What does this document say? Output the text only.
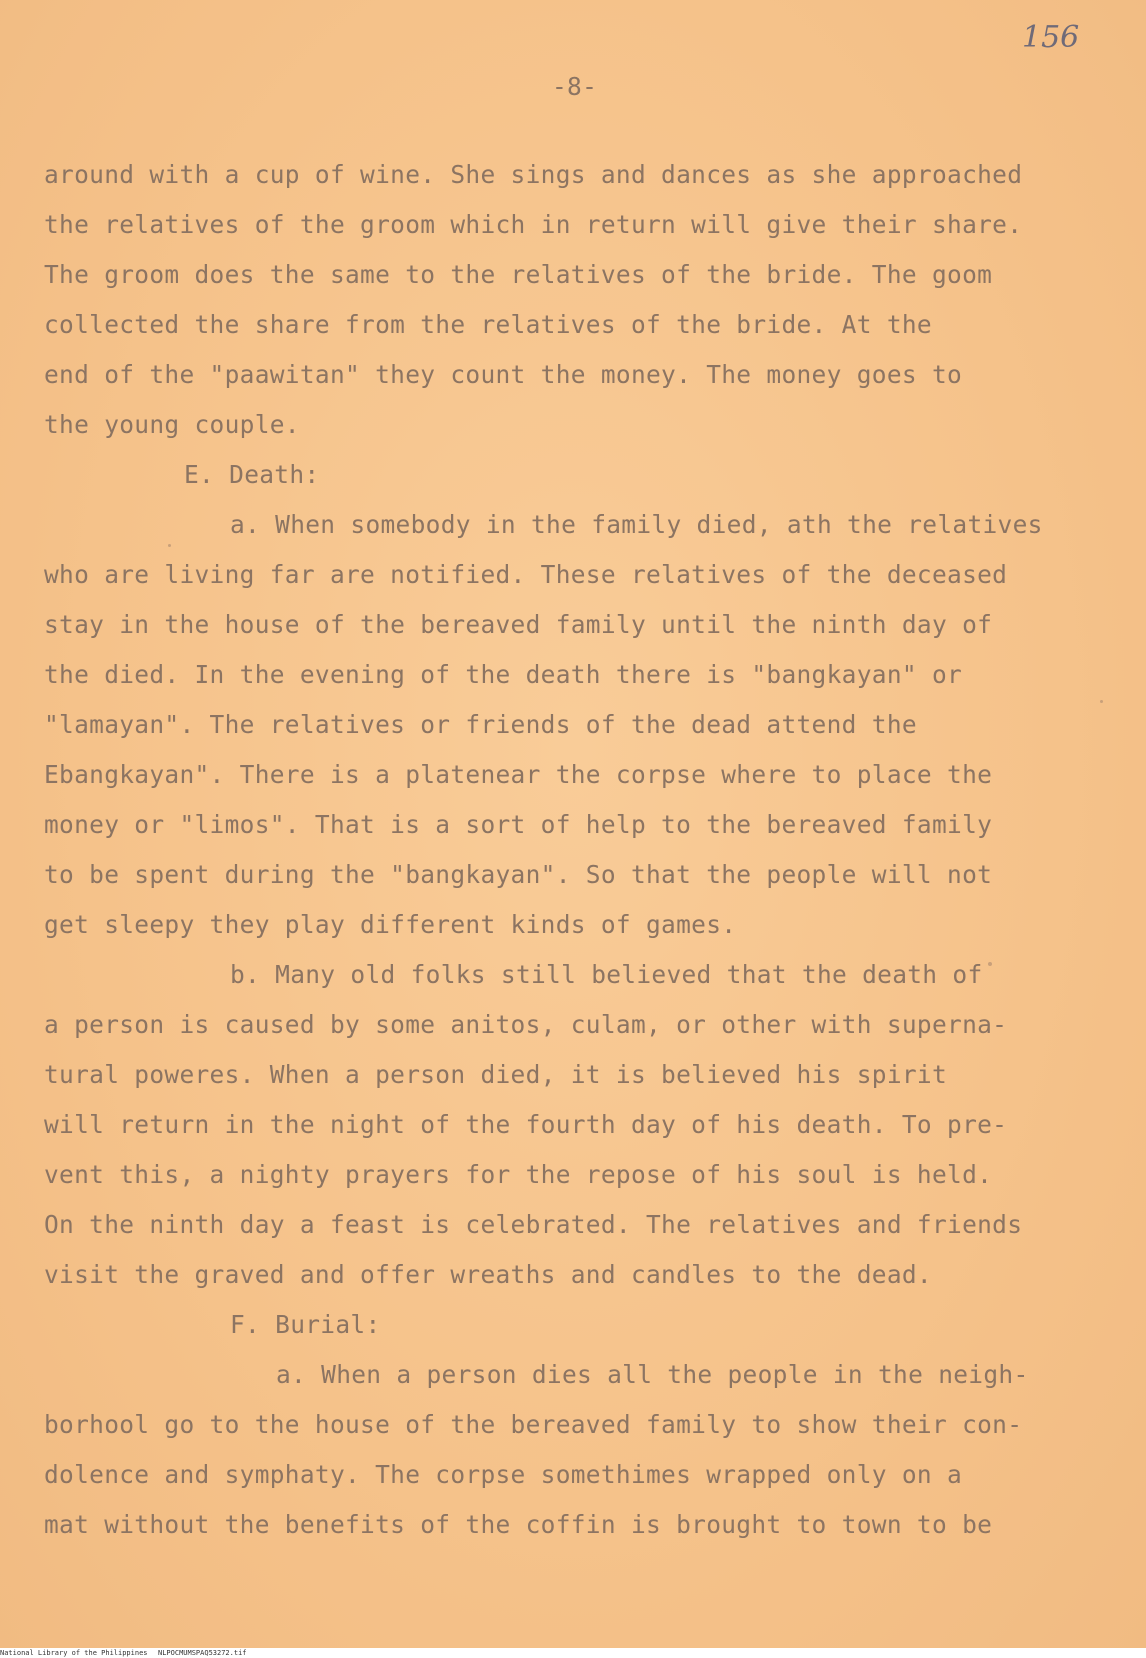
156
-8-
around with a cup of wine. She sings and dances as she approached
the relatives of the groom which in return will give their share.
The groom does the same to the relatives of the bride. The goom
collected the share from the relatives of the bride. At the
end of the "paawitan" they count the money. The money goes to
the young couple.
E. Death:
a. When somebody in the family died, ath the relatives
who are living far are notified. These relatives of the deceased
stay in the house of the bereaved family until the ninth day of
the died. In the evening of the death there is "bangkayan" or
"lamayan". The relatives or friends of the dead attend the
Ebangkayan". There is a platenear the corpse where to place the
money or "limos". That is a sort of help to the bereaved family
to be spent during the "bangkayan". So that the people will not
get sleepy they play different kinds of games.
b. Many old folks still believed that the death of
a person is caused by some anitos, culam, or other with superna-
tural poweres. When a person died, it is believed his spirit
will return in the night of the fourth day of his death. To pre-
vent this, a nighty prayers for the repose of his soul is held.
On the ninth day a feast is celebrated. The relatives and friends
visit the graved and offer wreaths and candles to the dead.
F. Burial:
a. When a person dies all the people in the neigh-
borhool go to the house of the bereaved family to show their con-
dolence and symphaty. The corpse somethimes wrapped only on a
mat without the benefits of the coffin is brought to town to be
National Library of the Philippines NLPOCMUMSPAQ53272.tif
